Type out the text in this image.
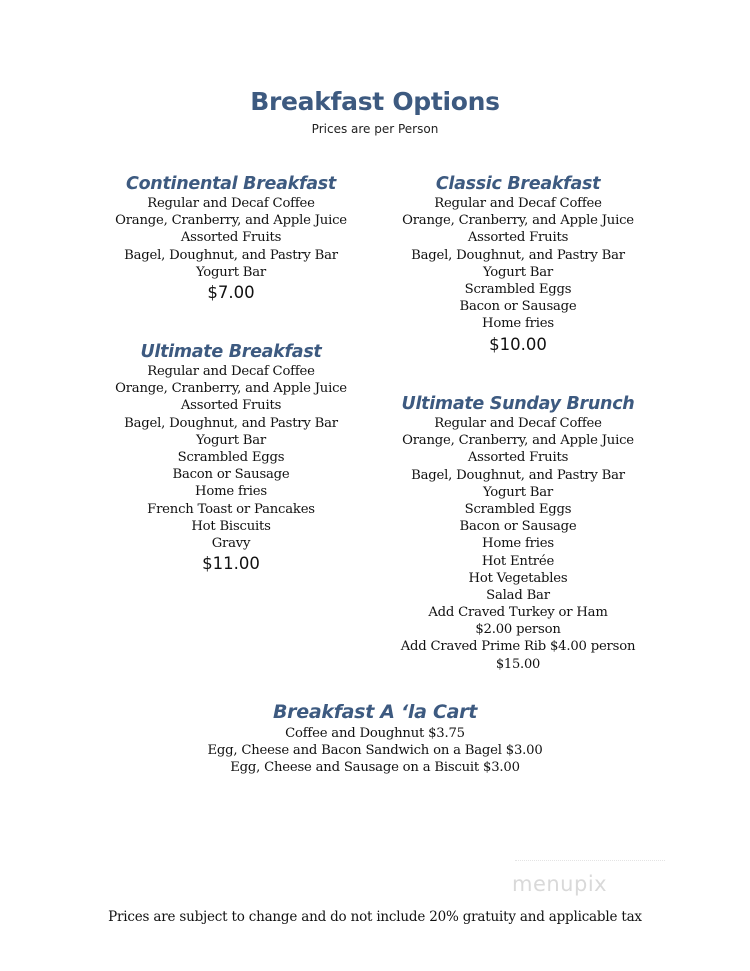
Breakfast Options
Prices are per Person
Continental Breakfast
Regular and Decaf Coffee
Orange, Cranberry, and Apple Juice
Assorted Fruits
Bagel, Doughnut, and Pastry Bar
Yogurt Bar
$7.00
Classic Breakfast
Regular and Decaf Coffee
Orange, Cranberry, and Apple Juice
Assorted Fruits
Bagel, Doughnut, and Pastry Bar
Yogurt Bar
Scrambled Eggs
Bacon or Sausage
Home fries
$10.00
Ultimate Breakfast
Regular and Decaf Coffee
Orange, Cranberry, and Apple Juice
Assorted Fruits
Bagel, Doughnut, and Pastry Bar
Yogurt Bar
Scrambled Eggs
Bacon or Sausage
Home fries
French Toast or Pancakes
Hot Biscuits
Gravy
$11.00
Ultimate Sunday Brunch
Regular and Decaf Coffee
Orange, Cranberry, and Apple Juice
Assorted Fruits
Bagel, Doughnut, and Pastry Bar
Yogurt Bar
Scrambled Eggs
Bacon or Sausage
Home fries
Hot Entrée
Hot Vegetables
Salad Bar
Add Craved Turkey or Ham $2.00 person
Add Craved Prime Rib $4.00 person
$15.00
Breakfast A ‘la Cart
Coffee and Doughnut $3.75
Egg, Cheese and Bacon Sandwich on a Bagel $3.00
Egg, Cheese and Sausage on a Biscuit $3.00
menupix
Prices are subject to change and do not include 20% gratuity and applicable tax
